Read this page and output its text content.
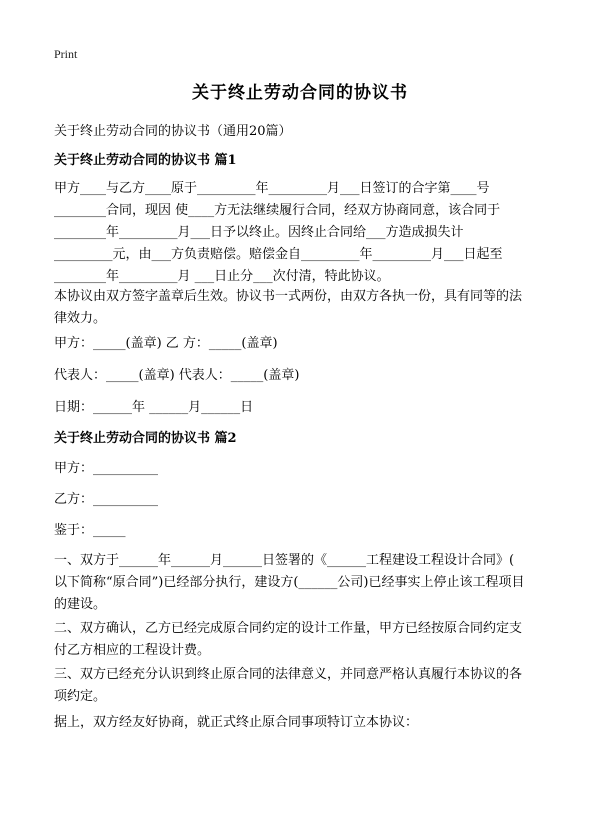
Print
关于终止劳动合同的协议书
关于终止劳动合同的协议书（通用20篇）
关于终止劳动合同的协议书 篇1

甲方____与乙方____原于_________年_________月___日签订的合字第____号

________合同，现因 使____方无法继续履行合同，经双方协商同意，该合同于

________年_________月___日予以终止。因终止合同给___方造成损失计

_________元，由___方负责赔偿。赔偿金自_________年_________月___日起至

________年_________月 ___日止分___次付清，特此协议。

本协议由双方签字盖章后生效。协议书一式两份，由双方各执一份，具有同等的法

律效力。

甲方：_____(盖章) 乙 方：_____(盖章)
代表人：_____(盖章) 代表人：_____(盖章)
日期：______年 ______月______日
关于终止劳动合同的协议书 篇2
甲方：__________
乙方：__________
鉴于：_____

一、双方于______年______月______日签署的《______工程建设工程设计合同》(

以下简称“原合同”)已经部分执行，建设方(______公司)已经事实上停止该工程项目

的建设。

二、双方确认，乙方已经完成原合同约定的设计工作量，甲方已经按原合同约定支

付乙方相应的工程设计费。

三、双方已经充分认识到终止原合同的法律意义，并同意严格认真履行本协议的各

项约定。

据上，双方经友好协商，就正式终止原合同事项特订立本协议：
